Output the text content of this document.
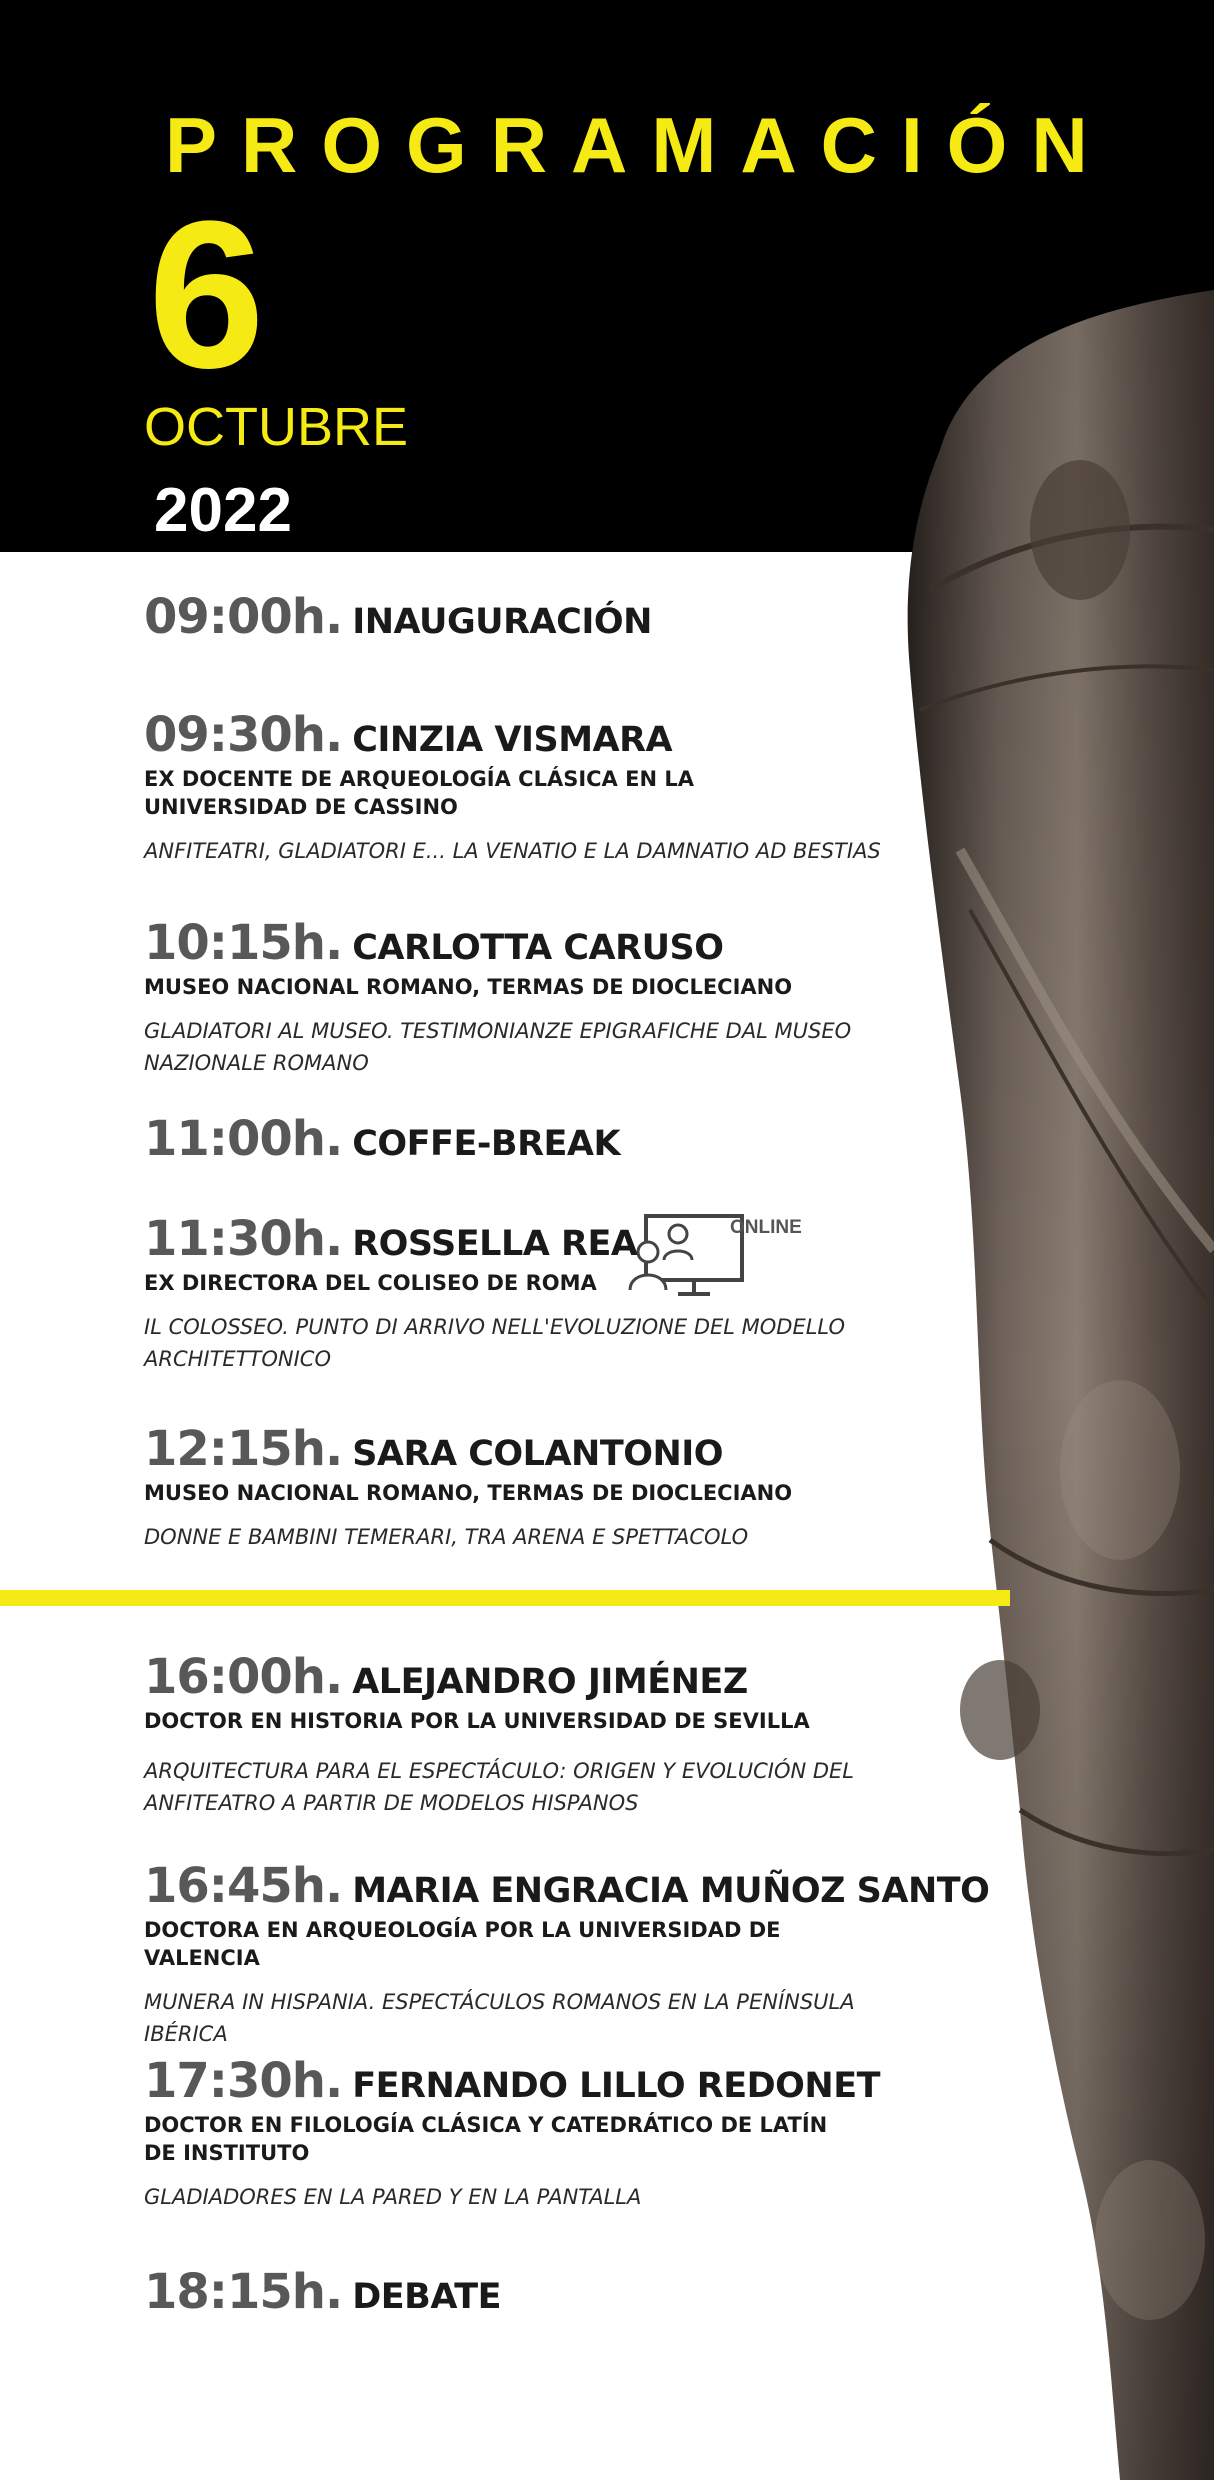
PROGRAMACIÓN
6
OCTUBRE
2022
09:00h. INAUGURACIÓN
09:30h. CINZIA VISMARA
EX DOCENTE DE ARQUEOLOGÍA CLÁSICA EN LA UNIVERSIDAD DE CASSINO
ANFITEATRI, GLADIATORI E... LA VENATIO E LA DAMNATIO AD BESTIAS
10:15h. CARLOTTA CARUSO
MUSEO NACIONAL ROMANO, TERMAS DE DIOCLECIANO
GLADIATORI AL MUSEO. TESTIMONIANZE EPIGRAFICHE DAL MUSEO NAZIONALE ROMANO
11:00h. COFFE-BREAK
11:30h. ROSSELLA REA
EX DIRECTORA DEL COLISEO DE ROMA
IL COLOSSEO. PUNTO DI ARRIVO NELL'EVOLUZIONE DEL MODELLO ARCHITETTONICO
ONLINE
12:15h. SARA COLANTONIO
MUSEO NACIONAL ROMANO, TERMAS DE DIOCLECIANO
DONNE E BAMBINI TEMERARI, TRA ARENA E SPETTACOLO
16:00h. ALEJANDRO JIMÉNEZ
DOCTOR EN HISTORIA POR LA UNIVERSIDAD DE SEVILLA
ARQUITECTURA PARA EL ESPECTÁCULO: ORIGEN Y EVOLUCIÓN DEL ANFITEATRO A PARTIR DE MODELOS HISPANOS
16:45h. MARIA ENGRACIA MUÑOZ SANTO
DOCTORA EN ARQUEOLOGÍA POR LA UNIVERSIDAD DE VALENCIA
MUNERA IN HISPANIA. ESPECTÁCULOS ROMANOS EN LA PENÍNSULA IBÉRICA
17:30h. FERNANDO LILLO REDONET
DOCTOR EN FILOLOGÍA CLÁSICA Y CATEDRÁTICO DE LATÍN DE INSTITUTO
GLADIADORES EN LA PARED Y EN LA PANTALLA
18:15h. DEBATE
